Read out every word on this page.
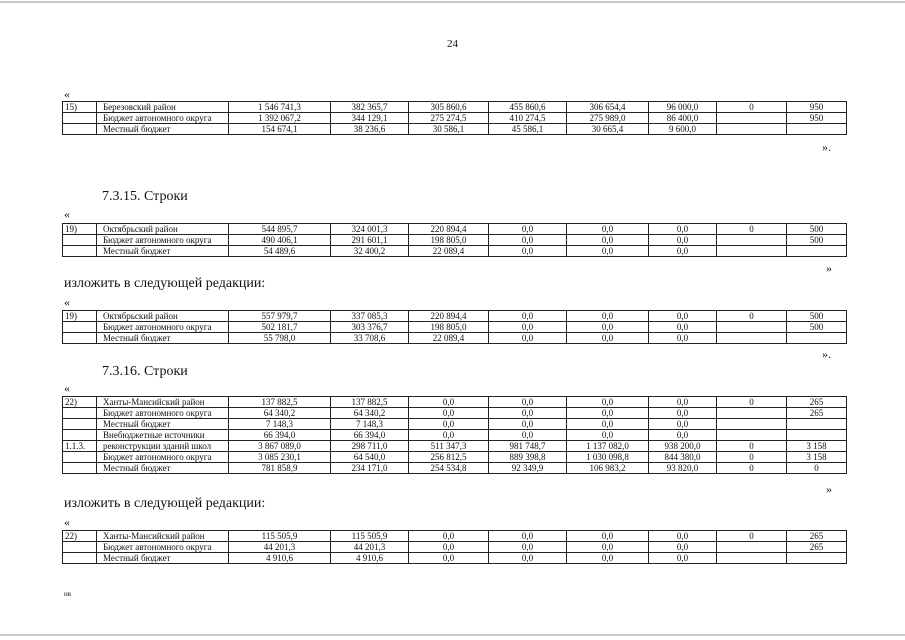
24
«
15)	Березовский район	1 546 741,3	382 365,7	305 860,6	455 860,6	306 654,4	96 000,0	0	950
	Бюджет автономного округа	1 392 067,2	344 129,1	275 274,5	410 274,5	275 989,0	86 400,0		950
	Местный бюджет	154 674,1	38 236,6	30 586,1	45 586,1	30 665,4	9 600,0		
».
7.3.15. Строки
«
19)	Октябрьский район	544 895,7	324 001,3	220 894,4	0,0	0,0	0,0	0	500
	Бюджет автономного округа	490 406,1	291 601,1	198 805,0	0,0	0,0	0,0		500
	Местный бюджет	54 489,6	32 400,2	22 089,4	0,0	0,0	0,0		
»
изложить в следующей редакции:
«
19)	Октябрьский район	557 979,7	337 085,3	220 894,4	0,0	0,0	0,0	0	500
	Бюджет автономного округа	502 181,7	303 376,7	198 805,0	0,0	0,0	0,0		500
	Местный бюджет	55 798,0	33 708,6	22 089,4	0,0	0,0	0,0		
».
7.3.16. Строки
«
22)	Ханты-Мансийский район	137 882,5	137 882,5	0,0	0,0	0,0	0,0	0	265
	Бюджет автономного округа	64 340,2	64 340,2	0,0	0,0	0,0	0,0		265
	Местный бюджет	7 148,3	7 148,3	0,0	0,0	0,0	0,0		
	Внебюджетные источники	66 394,0	66 394,0	0,0	0,0	0,0	0,0		
1.1.3.	реконструкции зданий школ	3 867 089,0	298 711,0	511 347,3	981 748,7	1 137 082,0	938 200,0	0	3 158
	Бюджет автономного округа	3 085 230,1	64 540,0	256 812,5	889 398,8	1 030 098,8	844 380,0	0	3 158
	Местный бюджет	781 858,9	234 171,0	254 534,8	92 349,9	106 983,2	93 820,0	0	0
»
изложить в следующей редакции:
«
22)	Ханты-Мансийский район	115 505,9	115 505,9	0,0	0,0	0,0	0,0	0	265
	Бюджет автономного округа	44 201,3	44 201,3	0,0	0,0	0,0	0,0		265
	Местный бюджет	4 910,6	4 910,6	0,0	0,0	0,0	0,0		
нв
